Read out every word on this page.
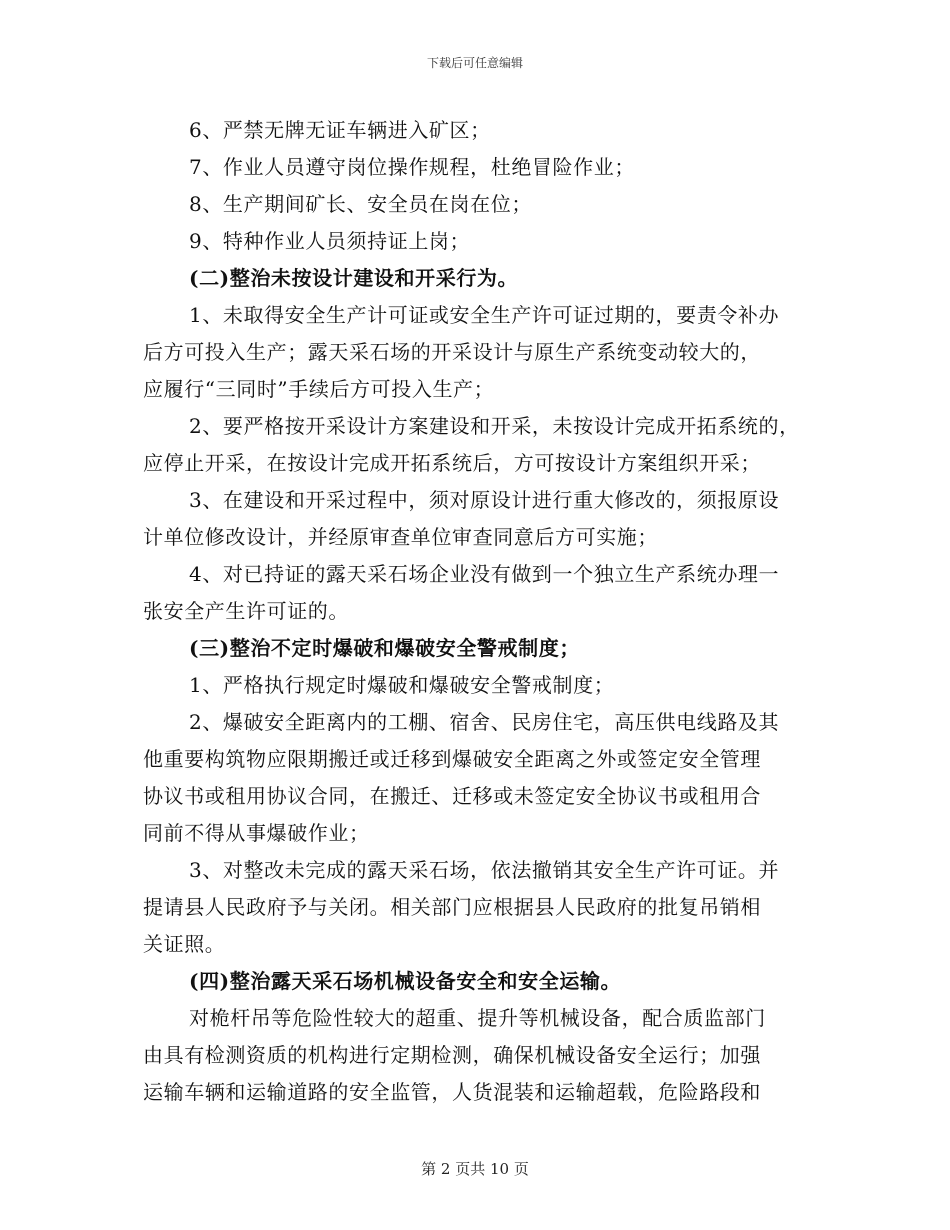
下载后可任意编辑
6、严禁无牌无证车辆进入矿区；
7、作业人员遵守岗位操作规程，杜绝冒险作业；
8、生产期间矿长、安全员在岗在位；
9、特种作业人员须持证上岗；
(二)整治未按设计建设和开采行为。
1、未取得安全生产计可证或安全生产许可证过期的，要责令补办
后方可投入生产；露天采石场的开采设计与原生产系统变动较大的，
应履行“三同时”手续后方可投入生产；
2、要严格按开采设计方案建设和开采，未按设计完成开拓系统的，
应停止开采，在按设计完成开拓系统后，方可按设计方案组织开采；
3、在建设和开采过程中，须对原设计进行重大修改的，须报原设
计单位修改设计，并经原审查单位审查同意后方可实施；
4、对已持证的露天采石场企业没有做到一个独立生产系统办理一
张安全产生许可证的。
(三)整治不定时爆破和爆破安全警戒制度；
1、严格执行规定时爆破和爆破安全警戒制度；
2、爆破安全距离内的工棚、宿舍、民房住宅，高压供电线路及其
他重要构筑物应限期搬迁或迁移到爆破安全距离之外或签定安全管理
协议书或租用协议合同，在搬迁、迁移或未签定安全协议书或租用合
同前不得从事爆破作业；
3、对整改未完成的露天采石场，依法撤销其安全生产许可证。并
提请县人民政府予与关闭。相关部门应根据县人民政府的批复吊销相
关证照。
(四)整治露天采石场机械设备安全和安全运输。
对桅杆吊等危险性较大的超重、提升等机械设备，配合质监部门
由具有检测资质的机构进行定期检测，确保机械设备安全运行；加强
运输车辆和运输道路的安全监管，人货混装和运输超载，危险路段和
第 2 页共 10 页
